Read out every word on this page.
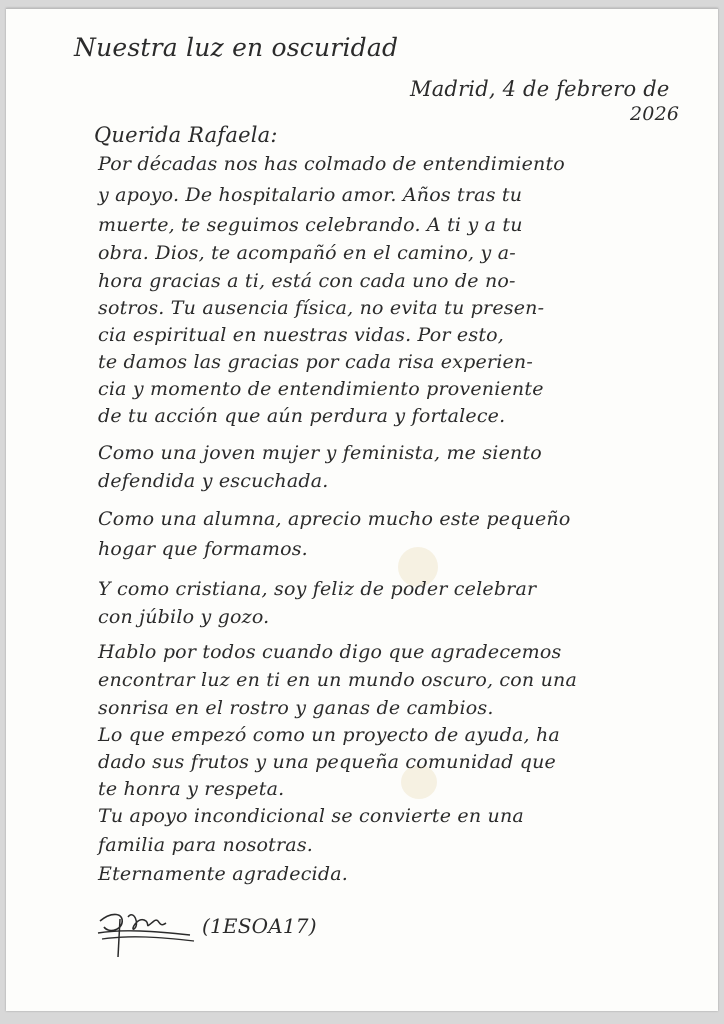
Nuestra luz en oscuridad

Madrid, 4 de febrero de

2026

Querida Rafaela:

Por décadas nos has colmado de entendimiento

y apoyo. De hospitalario amor. Años tras tu

muerte, te seguimos celebrando. A ti y a tu

obra. Dios, te acompañó en el camino, y a-

hora gracias a ti, está con cada uno de no-

sotros. Tu ausencia física, no evita tu presen-

cia espiritual en nuestras vidas. Por esto,

te damos las gracias por cada risa experien-

cia y momento de entendimiento proveniente

de tu acción que aún perdura y fortalece.

Como una joven mujer y feminista, me siento

defendida y escuchada.

Como una alumna, aprecio mucho este pequeño

hogar que formamos.

Y como cristiana, soy feliz de poder celebrar

con júbilo y gozo.

Hablo por todos cuando digo que agradecemos

encontrar luz en ti en un mundo oscuro, con una

sonrisa en el rostro y ganas de cambios.

Lo que empezó como un proyecto de ayuda, ha

dado sus frutos y una pequeña comunidad que

te honra y respeta.

Tu apoyo incondicional se convierte en una

familia para nosotras.

Eternamente agradecida.

(1ESOA17)
